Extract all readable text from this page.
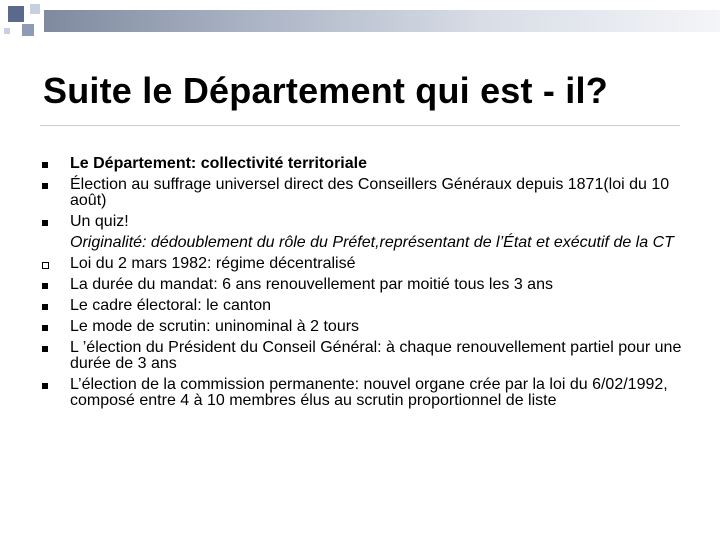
Suite le Département qui est - il?
Le Département: collectivité territoriale
Élection au suffrage universel direct des Conseillers Généraux depuis 1871(loi du 10 août)
Un quiz!
Originalité: dédoublement du rôle du Préfet,représentant de l’État et exécutif de la CT
Loi du 2 mars 1982: régime décentralisé
La durée du mandat: 6 ans renouvellement par moitié tous les 3 ans
Le cadre électoral: le canton
Le mode de scrutin: uninominal à 2 tours
L ’élection du Président du Conseil Général: à chaque renouvellement partiel pour une durée de 3 ans
L’élection de la commission permanente: nouvel organe crée par la loi du 6/02/1992, composé entre 4 à 10 membres élus au scrutin proportionnel de liste
